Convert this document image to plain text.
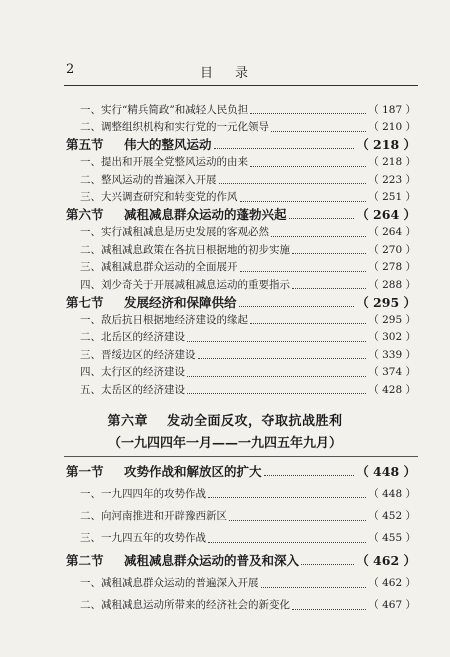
2	目录
一、实行“精兵简政”和减轻人民负担	（ 187 ）
二、调整组织机构和实行党的一元化领导	（ 210 ）
第五节 伟大的整风运动	（ 218 ）
一、提出和开展全党整风运动的由来	（ 218 ）
二、整风运动的普遍深入开展	（ 223 ）
三、大兴调查研究和转变党的作风	（ 251 ）
第六节 减租减息群众运动的蓬勃兴起	（ 264 ）
一、实行减租减息是历史发展的客观必然	（ 264 ）
二、减租减息政策在各抗日根据地的初步实施	（ 270 ）
三、减租减息群众运动的全面展开	（ 278 ）
四、刘少奇关于开展减租减息运动的重要指示	（ 288 ）
第七节 发展经济和保障供给	（ 295 ）
一、敌后抗日根据地经济建设的缘起	（ 295 ）
二、北岳区的经济建设	（ 302 ）
三、晋绥边区的经济建设	（ 339 ）
四、太行区的经济建设	（ 374 ）
五、太岳区的经济建设	（ 428 ）
第六章 发动全面反攻，夺取抗战胜利
（一九四四年一月——一九四五年九月）
第一节 攻势作战和解放区的扩大	（ 448 ）
一、一九四四年的攻势作战	（ 448 ）
二、向河南推进和开辟豫西新区	（ 452 ）
三、一九四五年的攻势作战	（ 455 ）
第二节 减租减息群众运动的普及和深入	（ 462 ）
一、减租减息群众运动的普遍深入开展	（ 462 ）
二、减租减息运动所带来的经济社会的新变化	（ 467 ）
